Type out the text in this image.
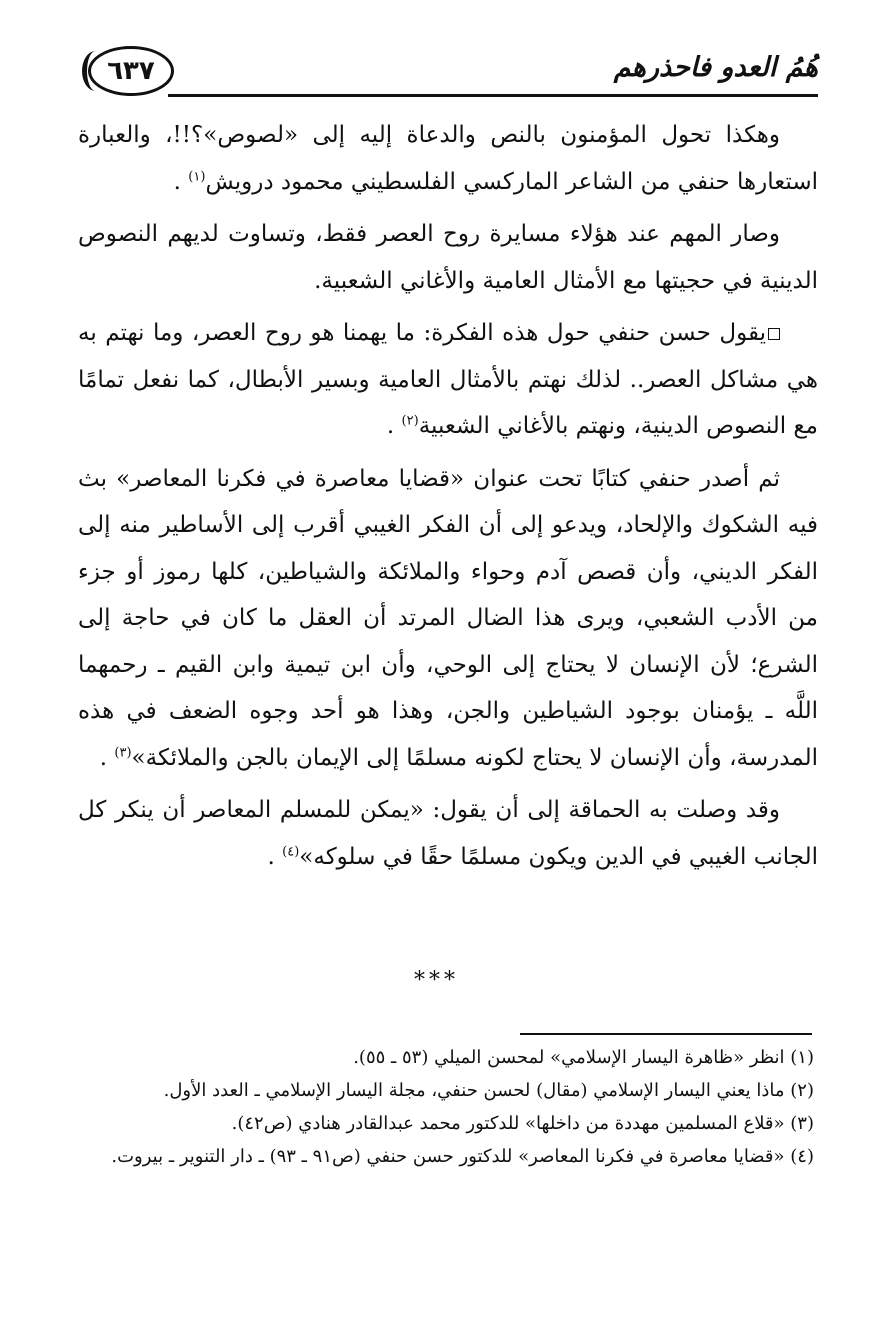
٦٣٧	هُمُ العدو فاحذرهم

وهكذا تحول المؤمنون بالنص والدعاة إليه إلى «لصوص»؟!!، والعبارة استعارها حنفي من الشاعر الماركسي الفلسطيني محمود درويش$^{(١)}$ .

وصار المهم عند هؤلاء مسايرة روح العصر فقط، وتساوت لديهم النصوص الدينية في حجيتها مع الأمثال العامية والأغاني الشعبية.

يقول حسن حنفي حول هذه الفكرة: ما يهمنا هو روح العصر، وما نهتم به هي مشاكل العصر.. لذلك نهتم بالأمثال العامية وبسير الأبطال، كما نفعل تمامًا مع النصوص الدينية، ونهتم بالأغاني الشعبية$^{(٢)}$ .

ثم أصدر حنفي كتابًا تحت عنوان «قضايا معاصرة في فكرنا المعاصر» بث فيه الشكوك والإلحاد، ويدعو إلى أن الفكر الغيبي أقرب إلى الأساطير منه إلى الفكر الديني، وأن قصص آدم وحواء والملائكة والشياطين، كلها رموز أو جزء من الأدب الشعبي، ويرى هذا الضال المرتد أن العقل ما كان في حاجة إلى الشرع؛ لأن الإنسان لا يحتاج إلى الوحي، وأن ابن تيمية وابن القيم ـ رحمهما اللَّه ـ يؤمنان بوجود الشياطين والجن، وهذا هو أحد وجوه الضعف في هذه المدرسة، وأن الإنسان لا يحتاج لكونه مسلمًا إلى الإيمان بالجن والملائكة»$^{(٣)}$ .

وقد وصلت به الحماقة إلى أن يقول: «يمكن للمسلم المعاصر أن ينكر كل الجانب الغيبي في الدين ويكون مسلمًا حقًا في سلوكه»$^{(٤)}$ .

***

(١) انظر «ظاهرة اليسار الإسلامي» لمحسن الميلي (٥٣ ـ ٥٥).

(٢) ماذا يعني اليسار الإسلامي (مقال) لحسن حنفي، مجلة اليسار الإسلامي ـ العدد الأول.

(٣) «قلاع المسلمين مهددة من داخلها» للدكتور محمد عبدالقادر هنادي (ص٤٢).

(٤) «قضايا معاصرة في فكرنا المعاصر» للدكتور حسن حنفي (ص٩١ ـ ٩٣) ـ دار التنوير ـ بيروت.
